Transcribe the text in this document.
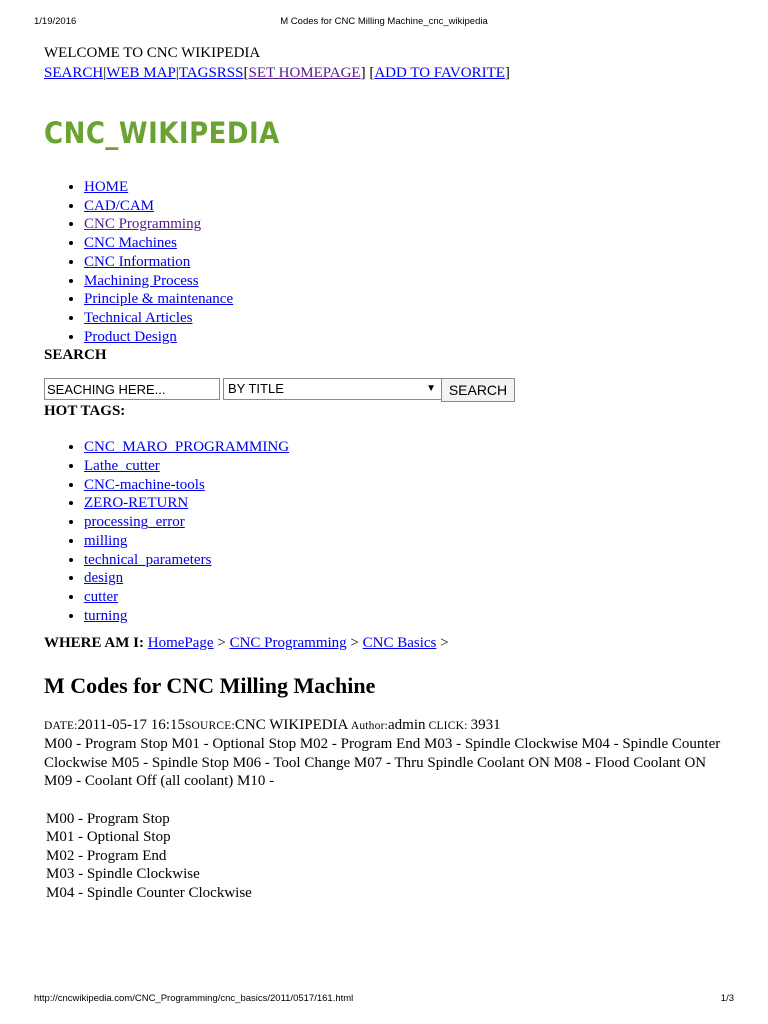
1/19/2016	M Codes for CNC Milling Machine_cnc_wikipedia
WELCOME TO CNC WIKIPEDIA
SEARCH|WEB MAP|TAGSRSS[SET HOMEPAGE] [ADD TO FAVORITE]
CNC_WIKIPEDIA
• HOME
• CAD/CAM
• CNC Programming
• CNC Machines
• CNC Information
• Machining Process
• Principle & maintenance
• Technical Articles
• Product Design
SEARCH
SEACHING HERE...
BY TITLE	▼ SEARCH
HOT TAGS:
• CNC_MARO_PROGRAMMING
• Lathe_cutter
• CNC-machine-tools
• ZERO-RETURN
• processing_error
• milling
• technical_parameters
• design
• cutter
• turning
WHERE AM I: HomePage > CNC Programming > CNC Basics >
M Codes for CNC Milling Machine
DATE:2011-05-17 16:15SOURCE:CNC WIKIPEDIA Author:admin CLICK: 3931
M00 - Program Stop M01 - Optional Stop M02 - Program End M03 - Spindle Clockwise M04 - Spindle Counter Clockwise M05 - Spindle Stop M06 - Tool Change M07 - Thru Spindle Coolant ON M08 - Flood Coolant ON M09 - Coolant Off (all coolant) M10 -
M00 - Program Stop
M01 - Optional Stop
M02 - Program End
M03 - Spindle Clockwise
M04 - Spindle Counter Clockwise
http://cncwikipedia.com/CNC_Programming/cnc_basics/2011/0517/161.html	1/3
